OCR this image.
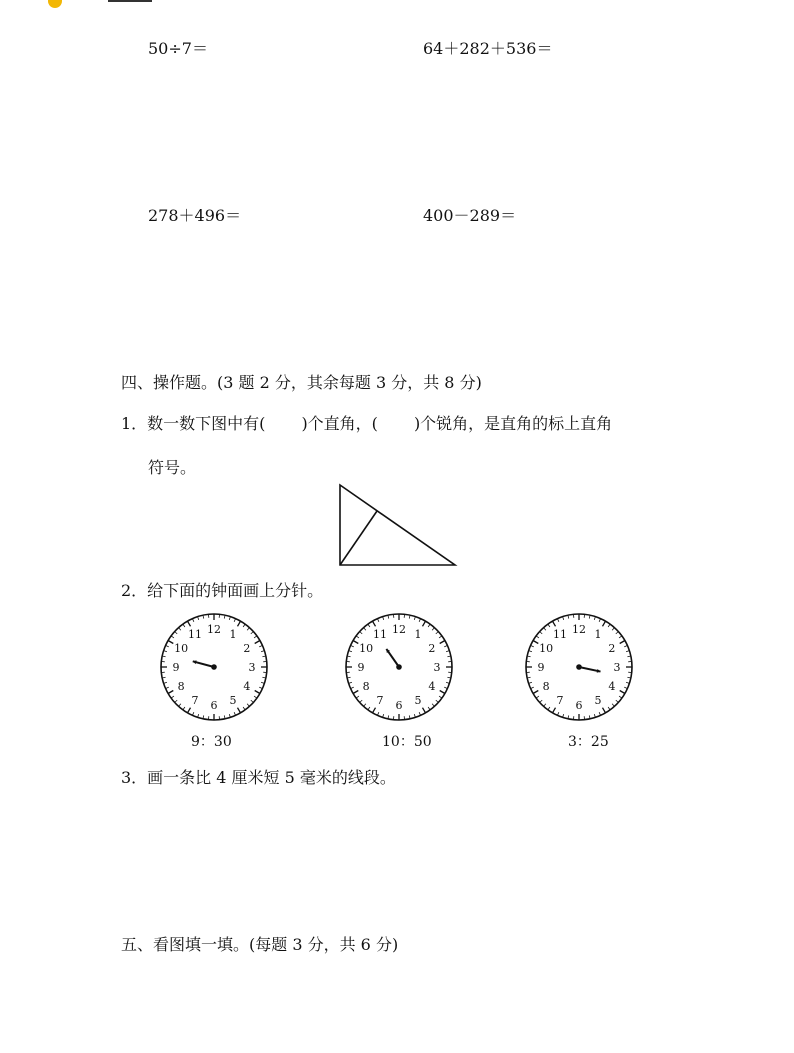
50÷7＝	64＋282＋536＝
278＋496＝	400－289＝
四、操作题。(3 题 2 分，其余每题 3 分，共 8 分)
1．数一数下图中有( )个直角，( )个锐角，是直角的标上直角
符号。
2．给下面的钟面画上分针。
12 1
2
3
4
5
6
7
8
9
10
11	12 1
2
3
4
5
6
7
8
9
10
11	12 1
2
3
4
5
6
7
8
9
10
11
9：30	10：50	3：25
3．画一条比 4 厘米短 5 毫米的线段。
五、看图填一填。(每题 3 分，共 6 分)
